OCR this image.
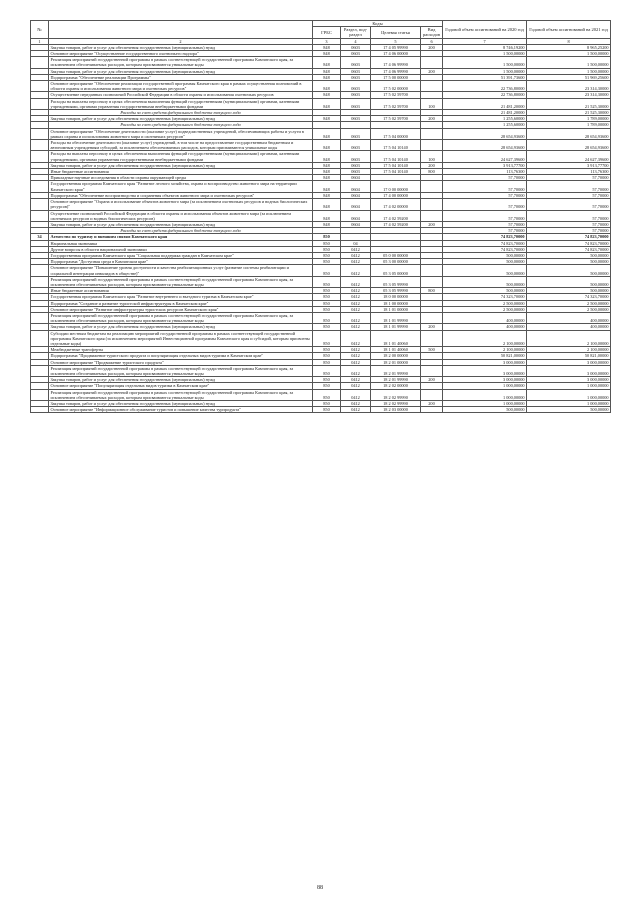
№		Коды				Годовой объем ассигнований на 2020 год	Годовой объем ассигнований на 2021 год
		ГРБС	Раздел, под-раздел	Целевая статья	Вид расходов		
1	2	3	4	5	6	7	8
	Закупка товаров, работ и услуг для обеспечения государственных (муниципальных) нужд	848	0603	17 4 05 99990	200	8 746,19200	8 965,25200
	Основное мероприятие "Осуществление государственного охотничьего надзора"	848	0603	17 4 06 00000		1 500,00000	1 500,00000
	Реализация мероприятий государственной программы в рамках соответствующей государственной программы Камчатского края, за исключением обеспечиваемых расходов, которым присваиваются уникальные коды	848	0603	17 4 06 99990		1 500,00000	1 500,00000
	Закупка товаров, работ и услуг для обеспечения государственных (муниципальных) нужд	848	0603	17 4 06 99990	200	1 500,00000	1 500,00000
	Подпрограмма "Обеспечение реализации Программы"	848	0603	17 5 00 00000		51 391,73600	51 969,25600
	Основное мероприятие "Обеспечение реализации государственной программы Камчатского края в рамках осуществления полномочий в области охраны и использования животного мира и охотничьих ресурсов"	848	0603	17 5 02 00000		22 736,80000	23 314,30000
	Осуществление переданных полномочий Российской Федерации в области охраны и использования охотничьих ресурсов	848	0603	17 5 02 59700		22 736,80000	23 314,30000
	Расходы на выплаты персоналу в целях обеспечения выполнения функций государственными (муниципальными) органами, казенными учреждениями, органами управления государственными внебюджетными фондами	848	0603	17 5 02 59700	100	21 481,20000	21 525,30000
	Расходы за счет средств федерального бюджета текущего года					21 481,20000	21 525,30000
	Закупка товаров, работ и услуг для обеспечения государственных (муниципальных) нужд	848	0603	17 5 02 59700	200	1 255,60000	1 789,00000
	Расходы за счет средств федерального бюджета текущего года					1 255,60000	1 789,00000
	Основное мероприятие "Обеспечение деятельности (оказание услуг) подведомственных учреждений, обеспечивающих работы и услуги в рамках охраны и использования животного мира и охотничьих ресурсов"	848	0603	17 5 04 00000		28 654,93600	28 654,93600
	Расходы на обеспечение деятельности (оказание услуг) учреждений, в том числе на предоставление государственным бюджетным и автономным учреждениям субсидий, за исключением обеспечиваемых расходов, которым присваиваются уникальные коды	848	0603	17 5 04 10140		28 654,93600	28 654,93600
	Расходы на выплаты персоналу в целях обеспечения выполнения функций государственными (муниципальными) органами, казенными учреждениями, органами управления государственными внебюджетными фондами	848	0603	17 5 04 10140	100	24 627,39600	24 627,39600
	Закупка товаров, работ и услуг для обеспечения государственных (муниципальных) нужд	848	0603	17 5 04 10140	200	3 913,77700	3 913,77700
	Иные бюджетные ассигнования	848	0603	17 5 04 10140	800	113,76300	113,76300
	Прикладные научные исследования в области охраны окружающей среды	848	0604			57,70000	57,70000
	Государственная программа Камчатского края "Развитие лесного хозяйства, охрана и воспроизводство животного мира на территории Камчатского края"	848	0604	17 0 00 00000		57,70000	57,70000
	Подпрограмма "Обеспечение воспроизводства и сохранения объектов животного мира и охотничьих ресурсов"	848	0604	17 4 00 00000		57,70000	57,70000
	Основное мероприятие "Охрана и использование объектов животного мира (за исключением охотничьих ресурсов и водных биологических ресурсов)"	848	0604	17 4 02 00000		57,70000	57,70000
	Осуществление полномочий Российской Федерации в области охраны и использования объектов животного мира (за исключением охотничьих ресурсов и водных биологических ресурсов)	848	0604	17 4 02 59200		57,70000	57,70000
	Закупка товаров, работ и услуг для обеспечения государственных (муниципальных) нужд	848	0604	17 4 02 59200	200	57,70000	57,70000
	Расходы за счет средств федерального бюджета текущего года					57,70000	57,70000
34	Агентство по туризму и внешним связям Камчатского края	850				74 823,70000	74 823,70000
	Национальная экономика	850	04			74 823,70000	74 823,70000
	Другие вопросы в области национальной экономики	850	0412			74 823,70000	74 823,70000
	Государственная программа Камчатского края "Социальная поддержка граждан в Камчатском крае"	850	0412	05 0 00 00000		500,00000	500,00000
	Подпрограмма "Доступная среда в Камчатском крае"	850	0412	05 3 00 00000		500,00000	500,00000
	Основное мероприятие "Повышение уровня доступности и качества реабилитационных услуг (развитие системы реабилитации и социальной интеграции инвалидов в обществе)"	850	0412	05 3 05 00000		500,00000	500,00000
	Реализация мероприятий государственной программы в рамках соответствующей государственной программы Камчатского края, за исключением обеспечиваемых расходов, которым присваиваются уникальные коды	850	0412	05 3 05 99990		500,00000	500,00000
	Иные бюджетные ассигнования	850	0412	05 3 05 99990	800	500,00000	500,00000
	Государственная программа Камчатского края "Развитие внутреннего и въездного туризма в Камчатском крае"	850	0412	18 0 00 00000		74 323,70000	74 323,70000
	Подпрограмма "Создание и развитие туристской инфраструктуры в Камчатском крае"	850	0412	18 1 00 00000		2 500,00000	2 500,00000
	Основное мероприятие "Развитие инфраструктуры туристских ресурсов Камчатского края"	850	0412	18 1 01 00000		2 500,00000	2 500,00000
	Реализация мероприятий государственной программы в рамках соответствующей государственной программы Камчатского края, за исключением обеспечиваемых расходов, которым присваиваются уникальные коды	850	0412	18 1 01 99990		400,00000	400,00000
	Закупка товаров, работ и услуг для обеспечения государственных (муниципальных) нужд	850	0412	18 1 01 99990	200	400,00000	400,00000
	Субсидии местным бюджетам на реализацию мероприятий государственной программы в рамках соответствующей государственной программы Камчатского края (за исключением мероприятий Инвестиционной программы Камчатского края и субсидий, которым присвоены отдельные коды)	850	0412	18 1 01 40060		2 100,00000	2 100,00000
	Межбюджетные трансферты	850	0412	18 1 01 40060	500	2 100,00000	2 100,00000
	Подпрограмма "Продвижение туристского продукта и популяризация отдельных видов туризма в Камчатском крае"	850	0412	18 2 00 00000		50 821,00000	50 821,00000
	Основное мероприятие "Продвижение туристского продукта"	850	0412	18 2 01 00000		3 000,00000	3 000,00000
	Реализация мероприятий государственной программы в рамках соответствующей государственной программы Камчатского края, за исключением обеспечиваемых расходов, которым присваиваются уникальные коды	850	0412	18 2 01 99990		3 000,00000	3 000,00000
	Закупка товаров, работ и услуг для обеспечения государственных (муниципальных) нужд	850	0412	18 2 01 99990	200	3 000,00000	3 000,00000
	Основное мероприятие "Популяризация отдельных видов туризма в Камчатском крае"	850	0412	18 2 02 00000		1 000,00000	1 000,00000
	Реализация мероприятий государственной программы в рамках соответствующей государственной программы Камчатского края, за исключением обеспечиваемых расходов, которым присваиваются уникальные коды	850	0412	18 2 02 99990		1 000,00000	1 000,00000
	Закупка товаров, работ и услуг для обеспечения государственных (муниципальных) нужд	850	0412	18 2 02 99990	200	1 000,00000	1 000,00000
	Основное мероприятие "Информационное обслуживание туристов и повышение качества турпродукта"	850	0412	18 2 03 00000		500,00000	500,00000
88
